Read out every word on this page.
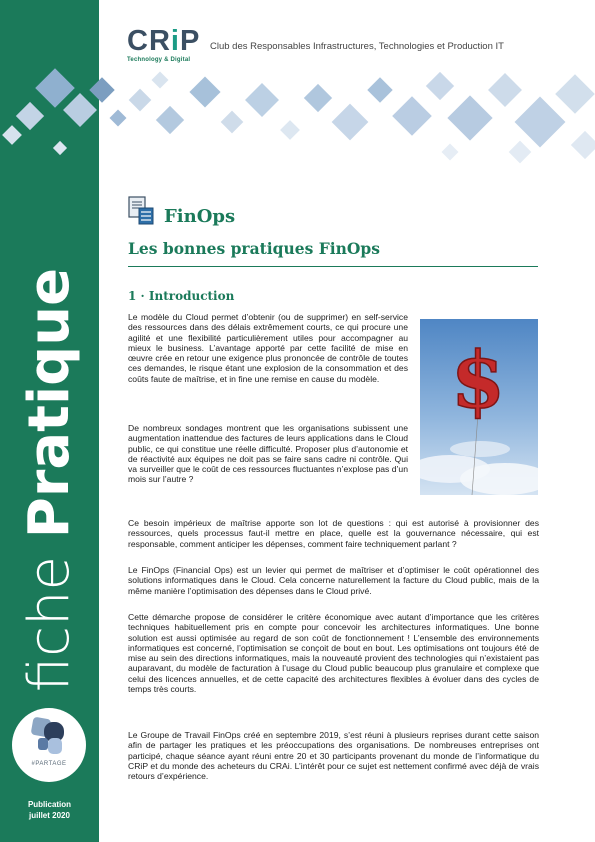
fiche Pratique
#PARTAGE
Publication
juillet 2020
CRiP
Technology & Digital
Club des Responsables Infrastructures, Technologies et Production IT
FinOps
Les bonnes pratiques FinOps
1 · Introduction
Le modèle du Cloud permet d’obtenir (ou de supprimer) en self-service des ressources dans des délais extrêmement courts, ce qui procure une agilité et une flexibilité particulièrement utiles pour accompagner au mieux le business. L’avantage apporté par cette facilité de mise en œuvre crée en retour une exigence plus prononcée de contrôle de toutes ces demandes, le risque étant une explosion de la consommation et des coûts faute de maîtrise, et in fine une remise en cause du modèle.
De nombreux sondages montrent que les organisations subissent une augmentation inattendue des factures de leurs applications dans le Cloud public, ce qui constitue une réelle difficulté. Proposer plus d’autonomie et de réactivité aux équipes ne doit pas se faire sans cadre ni contrôle. Qui va surveiller que le coût de ces ressources fluctuantes n’explose pas d’un mois sur l’autre ?
$
Ce besoin impérieux de maîtrise apporte son lot de questions : qui est autorisé à provisionner des ressources, quels processus faut-il mettre en place, quelle est la gouvernance nécessaire, qui est responsable, comment anticiper les dépenses, comment faire techniquement parlant ?
Le FinOps (Financial Ops) est un levier qui permet de maîtriser et d’optimiser le coût opérationnel des solutions informatiques dans le Cloud. Cela concerne naturellement la facture du Cloud public, mais de la même manière l’optimisation des dépenses dans le Cloud privé.
Cette démarche propose de considérer le critère économique avec autant d’importance que les critères techniques habituellement pris en compte pour concevoir les architectures informatiques. Une bonne solution est aussi optimisée au regard de son coût de fonctionnement ! L’ensemble des environnements informatiques est concerné, l’optimisation se conçoit de bout en bout. Les optimisations ont toujours été de mise au sein des directions informatiques, mais la nouveauté provient des technologies qui n’existaient pas auparavant, du modèle de facturation à l’usage du Cloud public beaucoup plus granulaire et complexe que celui des licences annuelles, et de cette capacité des architectures flexibles à évoluer dans des cycles de temps très courts.
Le Groupe de Travail FinOps créé en septembre 2019, s’est réuni à plusieurs reprises durant cette saison afin de partager les pratiques et les préoccupations des organisations. De nombreuses entreprises ont participé, chaque séance ayant réuni entre 20 et 30 participants provenant du monde de l’informatique du CRiP et du monde des acheteurs du CRAi. L’intérêt pour ce sujet est nettement confirmé avec déjà de vrais retours d’expérience.
